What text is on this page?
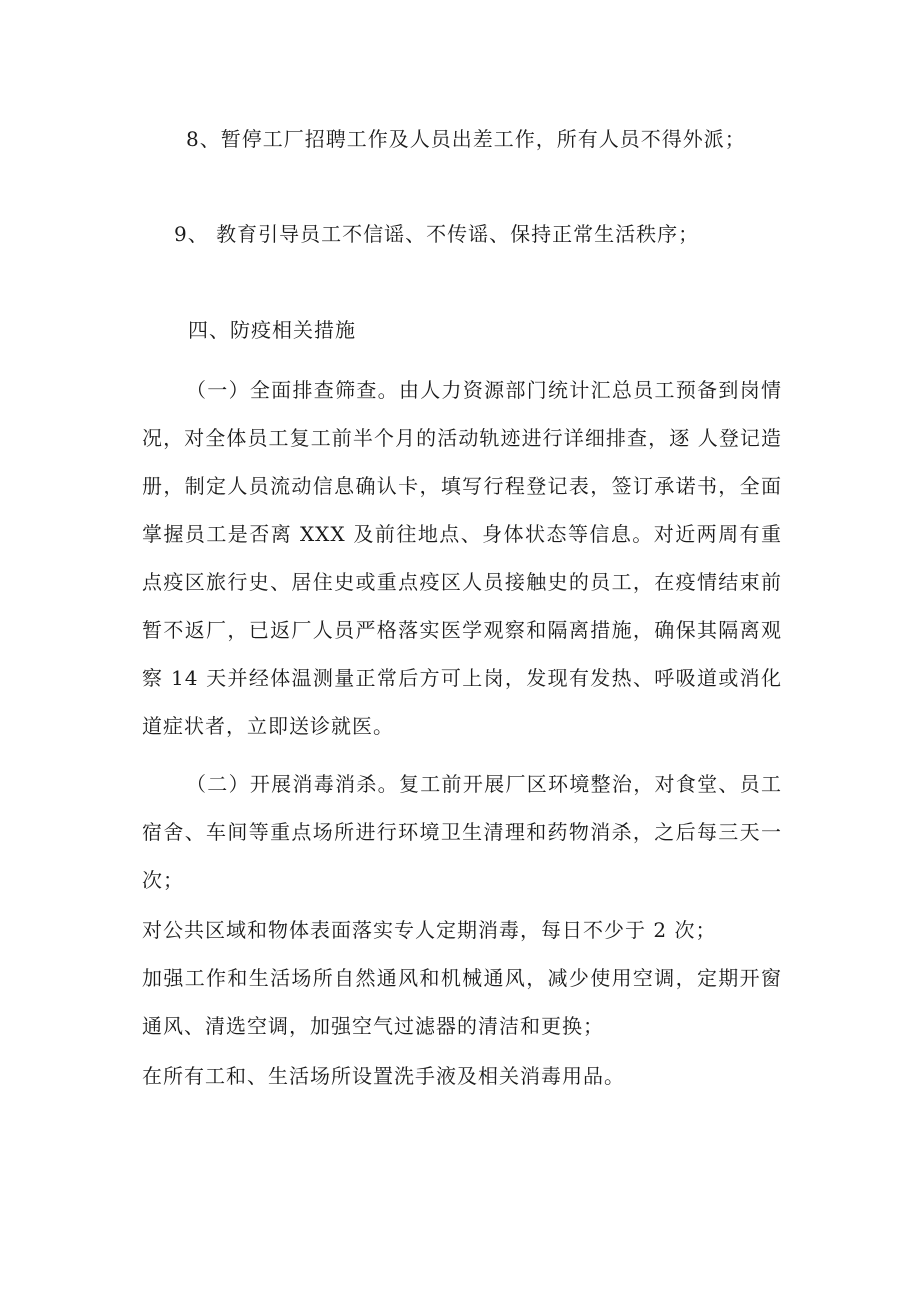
8、暂停工厂招聘工作及人员出差工作，所有人员不得外派；
9、 教育引导员工不信谣、不传谣、保持正常生活秩序；
四、防疫相关措施

（一）全面排查筛查。由人力资源部门统计汇总员工预备到岗情况，对全体员工复工前半个月的活动轨迹进行详细排查，逐 人登记造册，制定人员流动信息确认卡，填写行程登记表，签订承诺书，全面掌握员工是否离 XXX 及前往地点、身体状态等信息。对近两周有重点疫区旅行史、居住史或重点疫区人员接触史的员工，在疫情结束前暂不返厂，已返厂人员严格落实医学观察和隔离措施，确保其隔离观察 14 天并经体温测量正常后方可上岗，发现有发热、呼吸道或消化道症状者，立即送诊就医。

（二）开展消毒消杀。复工前开展厂区环境整治，对食堂、员工宿舍、车间等重点场所进行环境卫生清理和药物消杀，之后每三天一次；

对公共区域和物体表面落实专人定期消毒，每日不少于 2 次；

加强工作和生活场所自然通风和机械通风，减少使用空调，定期开窗通风、清选空调，加强空气过滤器的清洁和更换；

在所有工和、生活场所设置洗手液及相关消毒用品。
